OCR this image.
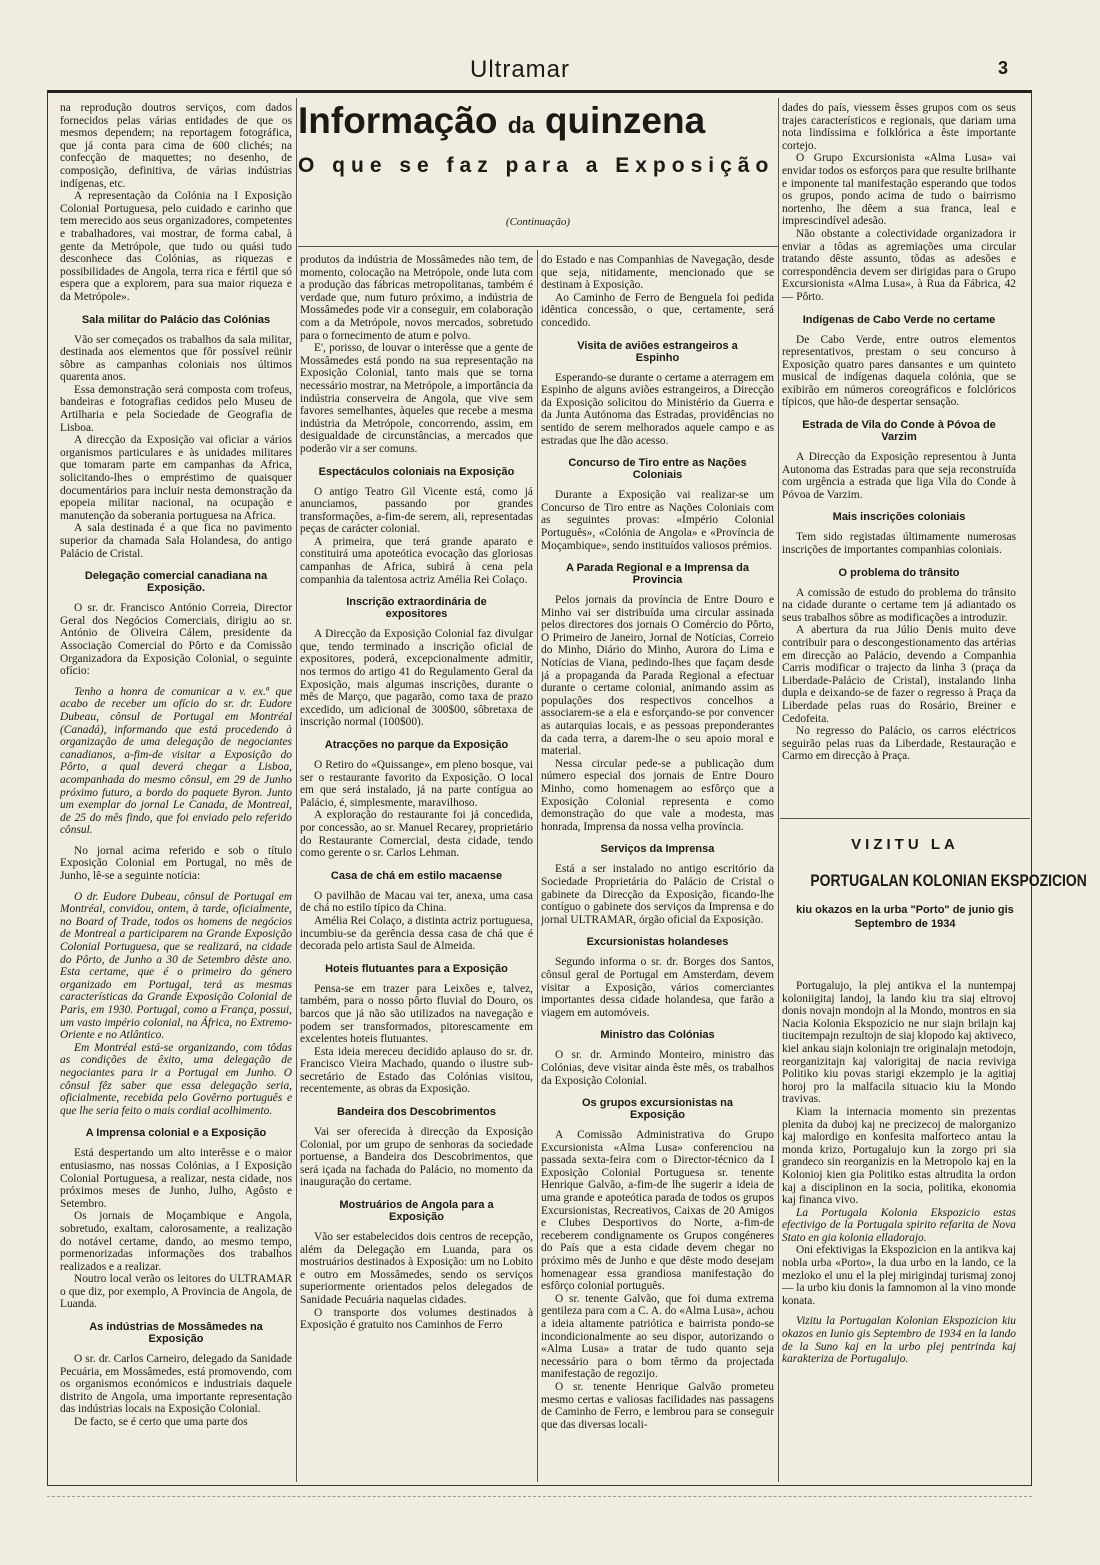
Ultramar	3
Informação da quinzena
O que se faz para a Exposição
(Continuação)

na reprodução doutros serviços, com dados fornecidos pelas várias entidades de que os mesmos dependem; na reportagem fotográfica, que já conta para cima de 600 clichés; na confecção de maquettes; no desenho, de composição, definitiva, de várias indústrias indígenas, etc.

A representação da Colónia na I Exposição Colonial Portuguesa, pelo cuidado e carinho que tem merecido aos seus organizadores, competentes e trabalhadores, vai mostrar, de forma cabal, à gente da Metrópole, que tudo ou quási tudo desconhece das Colónias, as riquezas e possibilidades de Angola, terra rica e fértil que só espera que a explorem, para sua maior riqueza e da Metrópole».

Sala militar do Palácio das Colónias

Vão ser começados os trabalhos da sala militar, destinada aos elementos que fôr possível reünir sôbre as campanhas coloniais nos últimos quarenta anos.

Essa demonstração será composta com trofeus, bandeiras e fotografias cedidos pelo Museu de Artilharia e pela Sociedade de Geografia de Lisboa.

A direcção da Exposição vai oficiar a vários organismos particulares e às unidades militares que tomaram parte em campanhas da Africa, solicitando-lhes o empréstimo de quaisquer documentários para incluir nesta demonstração da epopeia militar nacional, na ocupação e manutenção da soberania portuguesa na Africa.

A sala destinada é a que fica no pavimento superior da chamada Sala Holandesa, do antigo Palácio de Cristal.

Delegação comercial canadiana na Exposição.

O sr. dr. Francisco António Correia, Director Geral dos Negócios Comerciais, dirigiu ao sr. António de Oliveira Cálem, presidente da Associação Comercial do Pôrto e da Comissão Organizadora da Exposição Colonial, o seguinte ofício:

Tenho a honra de comunicar a v. ex.ª que acabo de receber um ofício do sr. dr. Eudore Dubeau, cônsul de Portugal em Montréal (Canadá), informando que está procedendo à organização de uma delegação de negociantes canadianos, a-fim-de visitar a Exposição do Pôrto, a qual deverá chegar a Lisboa, acompanhada do mesmo cônsul, em 29 de Junho próximo futuro, a bordo do paquete Byron. Junto um exemplar do jornal Le Canada, de Montreal, de 25 do mês findo, que foi enviado pelo referido cônsul.

No jornal acima referido e sob o título Exposição Colonial em Portugal, no mês de Junho, lê-se a seguinte notícia:

O dr. Eudore Dubeau, cônsul de Portugal em Montréal, convidou, ontem, à tarde, oficialmente, no Board of Trade, todos os homens de negócios de Montreal a participarem na Grande Exposição Colonial Portuguesa, que se realizará, na cidade do Pôrto, de Junho a 30 de Setembro dêste ano. Esta certame, que é o primeiro do género organizado em Portugal, terá as mesmas características da Grande Exposição Colonial de Paris, em 1930. Portugal, como a França, possui, um vasto império colonial, na África, no Extremo-Oriente e no Atlântico.

Em Montréal está-se organizando, com tôdas as condições de êxito, uma delegação de negociantes para ir a Portugal em Junho. O cônsul fêz saber que essa delegação seria, oficialmente, recebida pelo Govêrno português e que lhe seria feito o mais cordial acolhimento.

A Imprensa colonial e a Exposição

Está despertando um alto interêsse e o maior entusiasmo, nas nossas Colónias, a I Exposição Colonial Portuguesa, a realizar, nesta cidade, nos próximos meses de Junho, Julho, Agôsto e Setembro.

Os jornais de Moçambique e Angola, sobretudo, exaltam, calorosamente, a realização do notável certame, dando, ao mesmo tempo, pormenorizadas informações dos trabalhos realizados e a realizar.

Noutro local verão os leitores do ULTRAMAR o que diz, por exemplo, A Provincia de Angola, de Luanda.

As indústrias de Mossâmedes na Exposição

O sr. dr. Carlos Carneiro, delegado da Sanidade Pecuária, em Mossâmedes, está promovendo, com os organismos económicos e industriais daquele distrito de Angola, uma importante representação das indústrias locais na Exposição Colonial.

De facto, se é certo que uma parte dos

produtos da indústria de Mossâmedes não tem, de momento, colocação na Metrópole, onde luta com a produção das fábricas metropolitanas, também é verdade que, num futuro próximo, a indústria de Mossâmedes pode vir a conseguir, em colaboração com a da Metrópole, novos mercados, sobretudo para o fornecimento de atum e polvo.

E', porisso, de louvar o interêsse que a gente de Mossâmedes está pondo na sua representação na Exposição Colonial, tanto mais que se torna necessário mostrar, na Metrópole, a importância da indústria conserveira de Angola, que vive sem favores semelhantes, àqueles que recebe a mesma indústria da Metrópole, concorrendo, assim, em desigualdade de circunstâncias, a mercados que poderão vir a ser comuns.

Espectáculos coloniais na Exposição

O antigo Teatro Gil Vicente está, como já anunciamos, passando por grandes transformações, a-fim-de serem, ali, representadas peças de carácter colonial.

A primeira, que terá grande aparato e constituirá uma apoteótica evocação das gloriosas campanhas de Africa, subirá à cena pela companhia da talentosa actriz Amélia Rei Colaço.

Inscrição extraordinária de expositores

A Direcção da Exposição Colonial faz divulgar que, tendo terminado a inscrição oficial de expositores, poderá, excepcionalmente admitir, nos termos do artigo 41 do Regulamento Geral da Exposição, mais algumas inscrições, durante o mês de Março, que pagarão, como taxa de prazo excedido, um adicional de 300$00, sôbretaxa de inscrição normal (100$00).

Atracções no parque da Exposição

O Retiro do «Quissange», em pleno bosque, vai ser o restaurante favorito da Exposição. O local em que será instalado, já na parte contígua ao Palácio, é, simplesmente, maravilhoso.

A exploração do restaurante foi já concedida, por concessão, ao sr. Manuel Recarey, proprietário do Restaurante Comercial, desta cidade, tendo como gerente o sr. Carlos Lehman.

Casa de chá em estilo macaense

O pavilhão de Macau vai ter, anexa, uma casa de chá no estilo típico da China.

Amélia Rei Colaço, a distinta actriz portuguesa, incumbiu-se da gerência dessa casa de chá que é decorada pelo artista Saul de Almeida.

Hoteis flutuantes para a Exposição

Pensa-se em trazer para Leixões e, talvez, também, para o nosso pôrto fluvial do Douro, os barcos que já não são utilizados na navegação e podem ser transformados, pitorescamente em excelentes hoteis flutuantes.

Esta ideia mereceu decidido aplauso do sr. dr. Francisco Vieira Machado, quando o ilustre sub-secretário de Estado das Colónias visitou, recentemente, as obras da Exposição.

Bandeira dos Descobrimentos

Vai ser oferecida à direcção da Exposição Colonial, por um grupo de senhoras da sociedade portuense, a Bandeira dos Descobrimentos, que será içada na fachada do Palácio, no momento da inauguração do certame.

Mostruários de Angola para a Exposição

Vão ser estabelecidos dois centros de recepção, além da Delegação em Luanda, para os mostruários destinados à Exposição: um no Lobito e outro em Mossâmedes, sendo os serviços superiormente orientados pelos delegados de Sanidade Pecuária naquelas cidades.

O transporte dos volumes destinados à Exposição é gratuito nos Caminhos de Ferro

do Estado e nas Companhias de Navegação, desde que seja, nitidamente, mencionado que se destinam à Exposição.

Ao Caminho de Ferro de Benguela foi pedida idêntica concessão, o que, certamente, será concedido.

Visita de aviões estrangeiros a Espinho

Esperando-se durante o certame a aterragem em Espinho de alguns aviões estrangeiros, a Direcção da Exposição solicitou do Ministério da Guerra e da Junta Autónoma das Estradas, providências no sentido de serem melhorados aquele campo e as estradas que lhe dão acesso.

Concurso de Tiro entre as Nações Coloniais

Durante a Exposição vai realizar-se um Concurso de Tiro entre as Nações Coloniais com as seguintes provas: «Império Colonial Português», «Colónia de Angola» e «Província de Moçambique», sendo instituídos valiosos prémios.

A Parada Regional e a Imprensa da Provincia

Pelos jornais da província de Entre Douro e Minho vai ser distribuída uma circular assinada pelos directores dos jornais O Comércio do Pôrto, O Primeiro de Janeiro, Jornal de Notícias, Correio do Minho, Diário do Minho, Aurora do Lima e Notícias de Viana, pedindo-lhes que façam desde já a propaganda da Parada Regional a efectuar durante o certame colonial, animando assim as populações dos respectivos concelhos a associarem-se a ela e esforçando-se por convencer as autarquias locais, e as pessoas preponderantes da cada terra, a darem-lhe o seu apoio moral e material.

Nessa circular pede-se a publicação dum número especial dos jornais de Entre Douro Minho, como homenagem ao esfôrço que a Exposição Colonial representa e como demonstração do que vale a modesta, mas honrada, Imprensa da nossa velha província.

Serviços da Imprensa

Está a ser instalado no antigo escritório da Sociedade Proprietária do Palácio de Cristal o gabinete da Direcção da Exposição, ficando-lhe contíguo o gabinete dos serviços da Imprensa e do jornal ULTRAMAR, órgão oficial da Exposição.

Excursionistas holandeses

Segundo informa o sr. dr. Borges dos Santos, cônsul geral de Portugal em Amsterdam, devem visitar a Exposição, vários comerciantes importantes dessa cidade holandesa, que farão a viagem em automóveis.

Ministro das Colónias

O sr. dr. Armindo Monteiro, ministro das Colónias, deve visitar ainda êste mês, os trabalhos da Exposição Colonial.

Os grupos excursionistas na Exposição

A Comissão Administrativa do Grupo Excursionista «Alma Lusa» conferenciou na passada sexta-feira com o Director-técnico da I Exposição Colonial Portuguesa sr. tenente Henrique Galvão, a-fim-de lhe sugerir a ideia de uma grande e apoteótica parada de todos os grupos Excursionistas, Recreativos, Caixas de 20 Amigos e Clubes Desportivos do Norte, a-fim-de receberem condignamente os Grupos congéneres do País que a esta cidade devem chegar no próximo mês de Junho e que dêste modo desejam homenagear essa grandiosa manifestação do esfôrço colonial português.

O sr. tenente Galvão, que foi duma extrema gentileza para com a C. A. do «Alma Lusa», achou a ideia altamente patriótica e bairrista pondo-se incondicionalmente ao seu dispor, autorizando o «Alma Lusa» a tratar de tudo quanto seja necessário para o bom têrmo da projectada manifestação de regozijo.

O sr. tenente Henrique Galvão prometeu mesmo certas e valiosas facilidades nas passagens de Caminho de Ferro, e lembrou para se conseguir que das diversas locali-

dades do país, viessem êsses grupos com os seus trajes característicos e regionais, que dariam uma nota lindíssima e folklórica a êste importante cortejo.

O Grupo Excursionista «Alma Lusa» vai envidar todos os esforços para que resulte brilhante e imponente tal manifestação esperando que todos os grupos, pondo acima de tudo o bairrismo nortenho, lhe dêem a sua franca, leal e imprescindível adesão.

Não obstante a colectividade organizadora ir enviar a tôdas as agremiações uma circular tratando dêste assunto, tôdas as adesões e correspondência devem ser dirigidas para o Grupo Excursionista «Alma Lusa», à Rua da Fábrica, 42 — Pôrto.

Indígenas de Cabo Verde no certame

De Cabo Verde, entre outros elementos representativos, prestam o seu concurso à Exposição quatro pares dansantes e um quinteto musical de indígenas daquela colónia, que se exibirão em números coreográficos e folclóricos típicos, que hão-de despertar sensação.

Estrada de Vila do Conde à Póvoa de Varzim

A Direcção da Exposição representou à Junta Autonoma das Estradas para que seja reconstruída com urgência a estrada que liga Vila do Conde à Póvoa de Varzim.

Mais inscrições coloniais

Tem sido registadas últimamente numerosas inscrições de importantes companhias coloniais.

O problema do trânsito

A comissão de estudo do problema do trânsito na cidade durante o certame tem já adiantado os seus trabalhos sôbre as modificações a introduzir.

A abertura da rua Júlio Denis muito deve contribuir para o descongestionamento das artérias em direcção ao Palácio, devendo a Companhia Carris modificar o trajecto da linha 3 (praça da Liberdade-Palácio de Cristal), instalando linha dupla e deixando-se de fazer o regresso à Praça da Liberdade pelas ruas do Rosário, Breiner e Cedofeita.

No regresso do Palácio, os carros eléctricos seguirão pelas ruas da Liberdade, Restauração e Carmo em direcção à Praça.

VIZITU LA
PORTUGALAN KOLONIAN EKSPOZICION
kiu okazos en la urba "Porto" de junio gis Septembro de 1934

Portugalujo, la plej antikva el la nuntempaj koloniigitaj landoj, la lando kiu tra siaj eltrovoj donis novajn mondojn al la Mondo, montros en sia Nacia Kolonia Ekspozicio ne nur siajn brilajn kaj tiucitempajn rezultojn de siaj klopodo kaj aktiveco, kiel ankau siajn koloniajn tre originalajn metodojn, reorganizitajn kaj valorigitaj de nacia reviviga Politiko kiu povas starigi ekzemplo je la agitiaj horoj pro la malfacila situacio kiu la Mondo travivas.

Kiam la internacia momento sin prezentas plenita da duboj kaj ne precizecoj de malorganizo kaj malordigo en konfesita malforteco antau la monda krizo, Portugalujo kun la zorgo pri sia grandeco sin reorganizis en la Metropolo kaj en la Kolonioj kien gia Politiko estas altrudita la ordon kaj a disciplinon en la socia, politika, ekonomia kaj financa vivo.

La Portugala Kolonia Ekspozicio estas efectivigo de la Portugala spirito refarita de Nova Stato en gia kolonia elladorajo.

Oni efektivigas la Ekspozicion en la antikva kaj nobla urba «Porto», la dua urbo en la lando, ce la mezloko el unu el la plej mirigindaj turismaj zonoj — la urbo kiu donis la famnomon al la vino monde konata.

Vizitu la Portugalan Kolonian Ekspozicion kiu okazos en Iunio gis Septembro de 1934 en la lando de la Suno kaj en la urbo plej pentrinda kaj karakteriza de Portugalujo.
